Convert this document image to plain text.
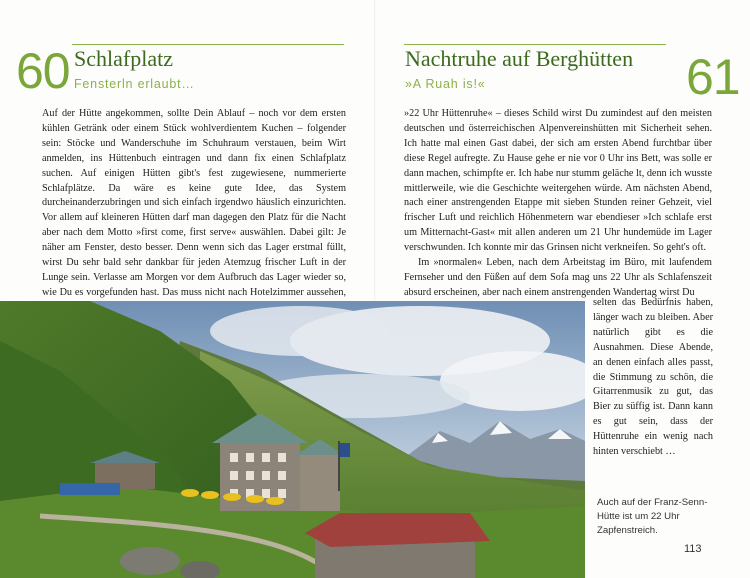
60 Schlafplatz
Fensterln erlaubt…

Auf der Hütte angekommen, sollte Dein Ablauf – noch vor dem ersten kühlen Getränk oder einem Stück wohlverdientem Kuchen – folgender sein: Stöcke und Wanderschuhe im Schuhraum verstauen, beim Wirt anmelden, ins Hüttenbuch eintragen und dann fix einen Schlafplatz suchen. Auf einigen Hütten gibt's fest zugewiesene, nummerierte Schlafplätze. Da wäre es keine gute Idee, das System durcheinanderzubringen und sich einfach irgendwo häuslich einzurichten. Vor allem auf kleineren Hütten darf man dagegen den Platz für die Nacht aber nach dem Motto »first come, first serve« auswählen. Dabei gilt: Je näher am Fenster, desto besser. Denn wenn sich das Lager erstmal füllt, wirst Du sehr bald sehr dankbar für jeden Atemzug frischer Luft in der Lunge sein. Verlasse am Morgen vor dem Aufbruch das Lager wieder so, wie Du es vorgefunden hast. Das muss nicht nach Hotelzimmer aussehen,

61
Nachtruhe auf Berghütten
»A Ruah is!«

»22 Uhr Hüttenruhe« – dieses Schild wirst Du zumindest auf den meisten deutschen und österreichischen Alpenvereinshütten mit Sicherheit sehen. Ich hatte mal einen Gast dabei, der sich am ersten Abend furchtbar über diese Regel aufregte. Zu Hause gehe er nie vor 0 Uhr ins Bett, was solle er dann machen, schimpfte er. Ich habe nur stumm geläche lt, denn ich wusste mittlerweile, wie die Geschichte weitergehen würde. Am nächsten Abend, nach einer anstrengenden Etappe mit sieben Stunden reiner Gehzeit, viel frischer Luft und reichlich Höhenmetern war ebendieser »Ich schlafe erst um Mitternacht-Gast« mit allen anderen um 21 Uhr hundemüde im Lager verschwunden. Ich konnte mir das Grinsen nicht verkneifen. So geht's oft.

Im »normalen« Leben, nach dem Arbeitstag im Büro, mit laufendem Fernseher und den Füßen auf dem Sofa mag uns 22 Uhr als Schlafenszeit absurd erscheinen, aber nach einem anstrengenden Wandertag wirst Du

selten das Bedürfnis haben, länger wach zu bleiben. Aber natürlich gibt es die Ausnahmen. Diese Abende, an denen einfach alles passt, die Stimmung zu schön, die Gitarrenmusik zu gut, das Bier zu süffig ist. Dann kann es gut sein, dass der Hüttenruhe ein wenig nach hinten verschiebt …

Auch auf der Franz-Senn-Hütte ist um 22 Uhr Zapfenstreich.
113
